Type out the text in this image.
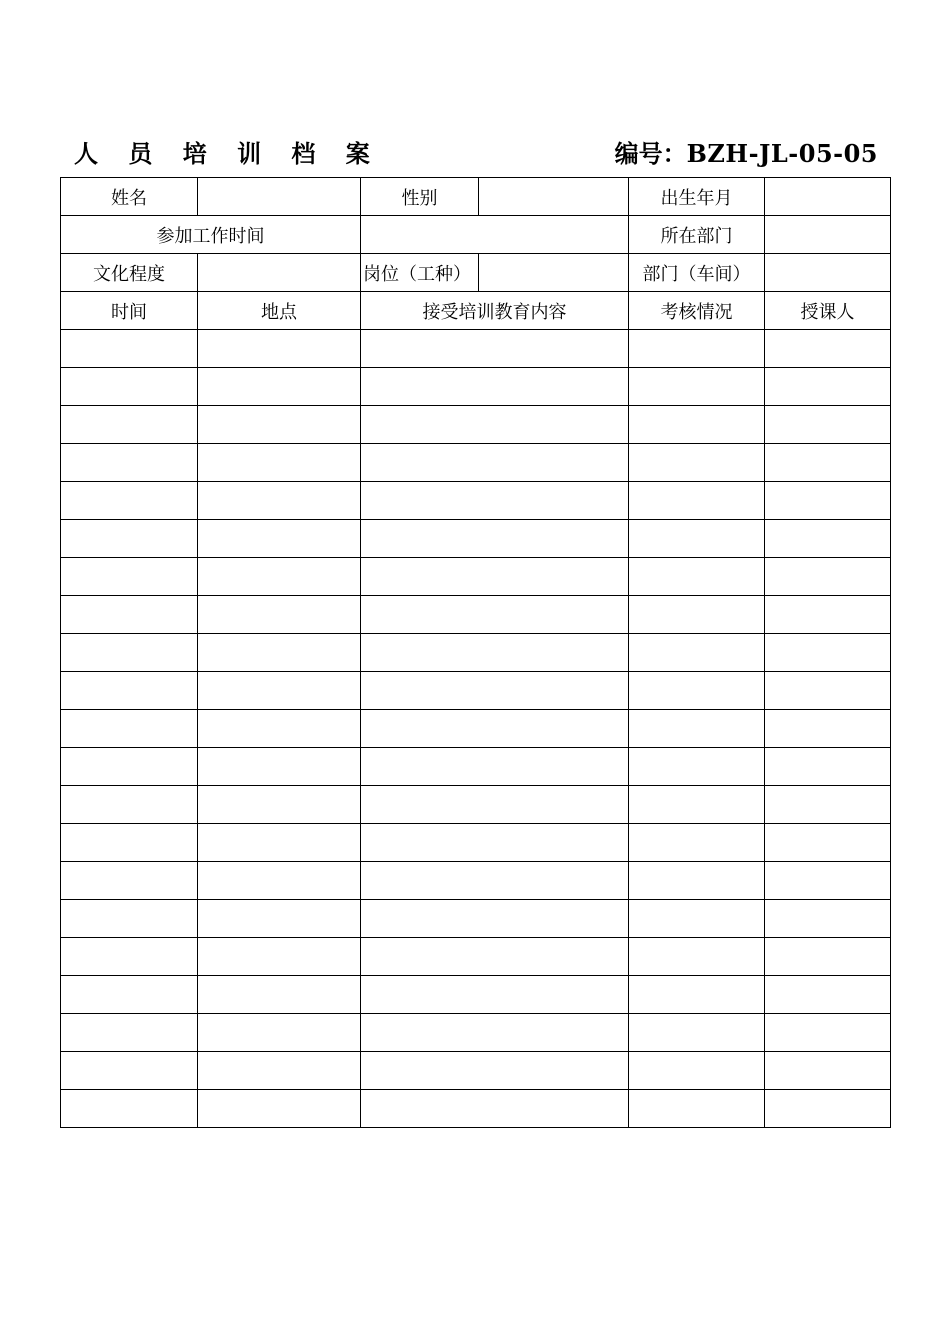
人 员 培 训 档 案	编号：BZH-JL-05-05
姓名		性别		出生年月	
参加工作时间				所在部门	
文化程度		岗位（工种）		部门（车间）	
时间	地点	接受培训教育内容		考核情况	授课人
